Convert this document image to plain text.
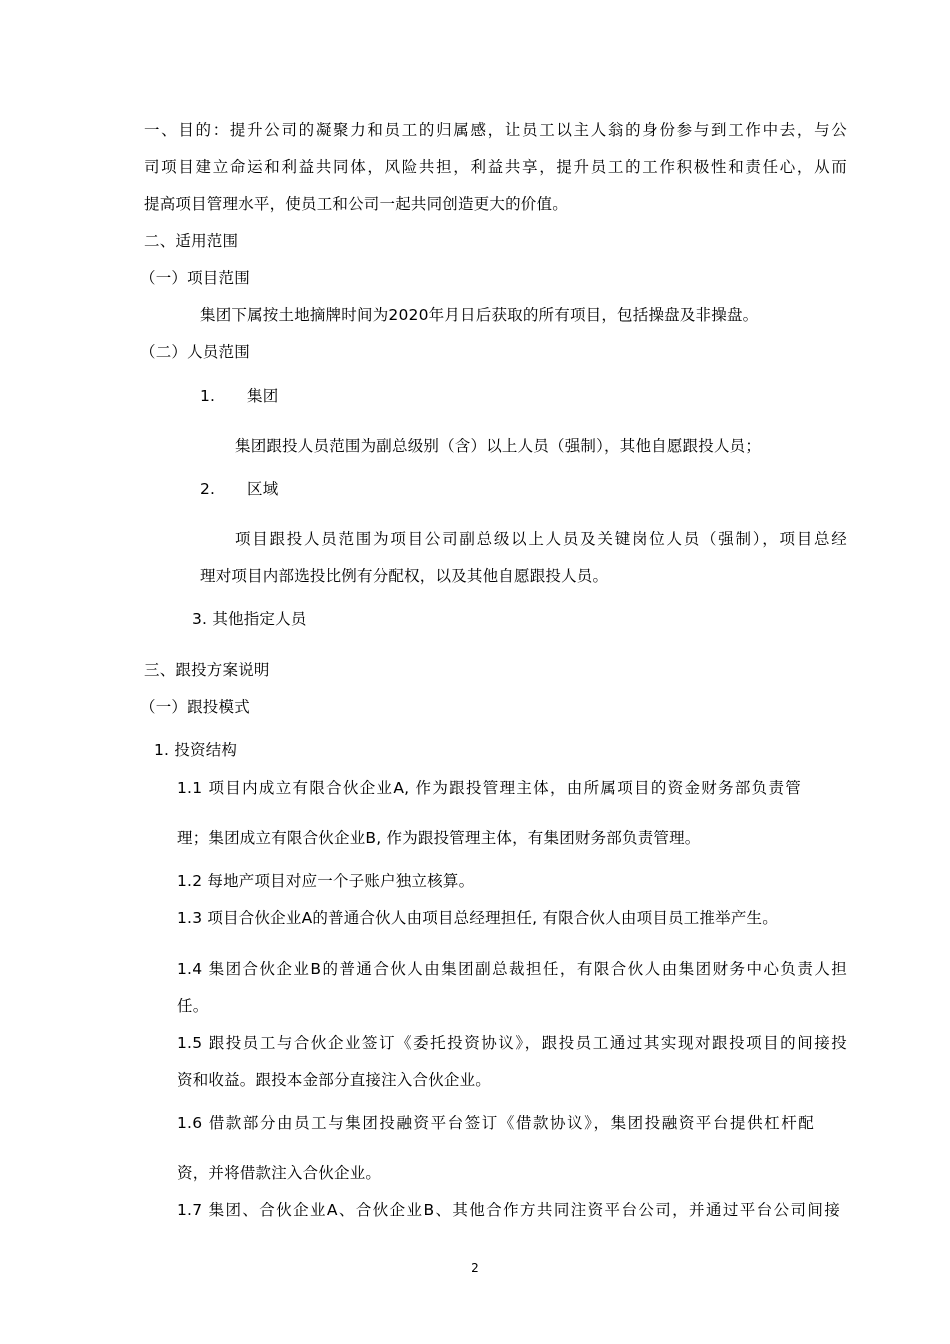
一、目的：提升公司的凝聚力和员工的归属感，让员工以主人翁的身份参与到工作中去，与公
司项目建立命运和利益共同体，风险共担，利益共享，提升员工的工作积极性和责任心，从而
提高项目管理水平，使员工和公司一起共同创造更大的价值。
二、适用范围
（一）项目范围
集团下属按土地摘牌时间为2020年月日后获取的所有项目，包括操盘及非操盘。
（二）人员范围
1. 集团
集团跟投人员范围为副总级别（含）以上人员（强制），其他自愿跟投人员；
2. 区域
项目跟投人员范围为项目公司副总级以上人员及关键岗位人员（强制），项目总经
理对项目内部选投比例有分配权，以及其他自愿跟投人员。
3. 其他指定人员
三、跟投方案说明
（一）跟投模式
1. 投资结构
1.1 项目内成立有限合伙企业A, 作为跟投管理主体，由所属项目的资金财务部负责管
理；集团成立有限合伙企业B, 作为跟投管理主体，有集团财务部负责管理。
1.2 每地产项目对应一个子账户独立核算。
1.3 项目合伙企业A的普通合伙人由项目总经理担任, 有限合伙人由项目员工推举产生。
1.4 集团合伙企业B的普通合伙人由集团副总裁担任，有限合伙人由集团财务中心负责人担
任。
1.5 跟投员工与合伙企业签订《委托投资协议》，跟投员工通过其实现对跟投项目的间接投
资和收益。跟投本金部分直接注入合伙企业。
1.6 借款部分由员工与集团投融资平台签订《借款协议》，集团投融资平台提供杠杆配
资，并将借款注入合伙企业。
1.7 集团、合伙企业A、合伙企业B、其他合作方共同注资平台公司，并通过平台公司间接
2
